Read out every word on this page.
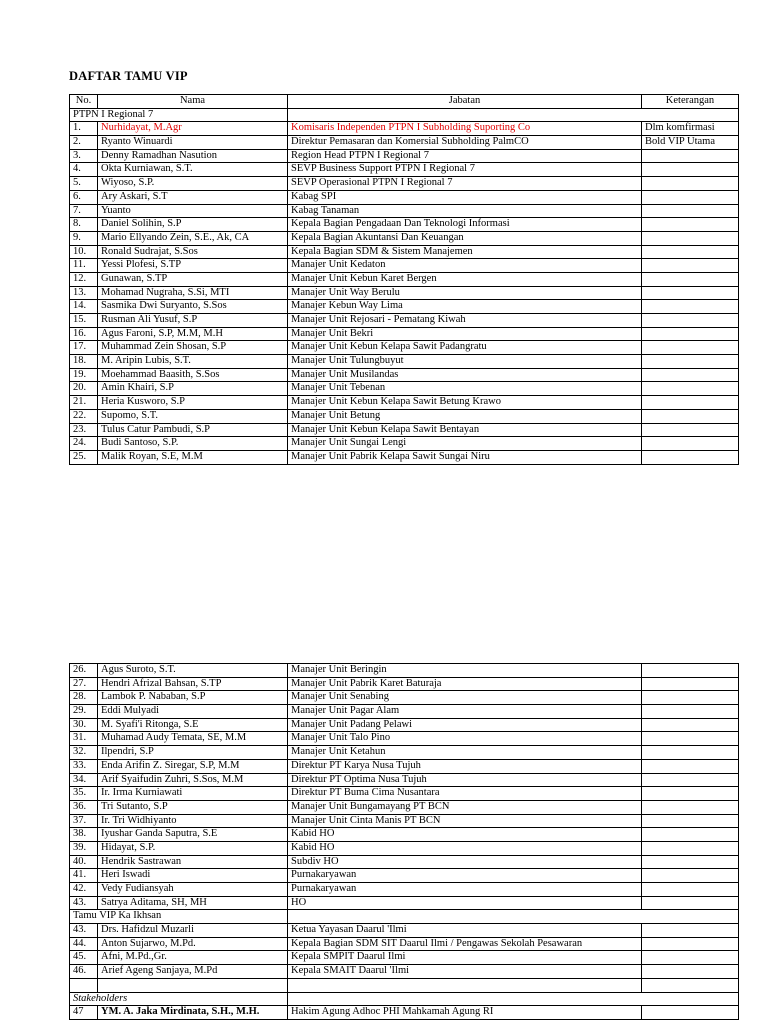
DAFTAR TAMU VIP
No.	Nama	Jabatan	Keterangan
PTPN I Regional 7			
1.	Nurhidayat, M.Agr	Komisaris Independen PTPN I Subholding Suporting Co	Dlm komfirmasi
2.	Ryanto Winuardi	Direktur Pemasaran dan Komersial Subholding PalmCO	Bold VIP Utama
3.	Denny Ramadhan Nasution	Region Head PTPN I Regional 7	
4.	Okta Kurniawan, S.T.	SEVP Business Support PTPN I Regional 7	
5.	Wiyoso, S.P.	SEVP Operasional PTPN I Regional 7	
6.	Ary Askari, S.T	Kabag SPI	
7.	Yuanto	Kabag Tanaman	
8.	Daniel Solihin, S.P	Kepala Bagian Pengadaan Dan Teknologi Informasi	
9.	Mario Ellyando Zein, S.E., Ak, CA	Kepala Bagian Akuntansi Dan Keuangan	
10.	Ronald Sudrajat, S.Sos	Kepala Bagian SDM & Sistem Manajemen	
11.	Yessi Plofesi, S.TP	Manajer Unit Kedaton	
12.	Gunawan, S.TP	Manajer Unit Kebun Karet Bergen	
13.	Mohamad Nugraha, S.Si, MTI	Manajer Unit Way Berulu	
14.	Sasmika Dwi Suryanto, S.Sos	Manajer Kebun Way Lima	
15.	Rusman Ali Yusuf, S.P	Manajer Unit Rejosari - Pematang Kiwah	
16.	Agus Faroni, S.P, M.M, M.H	Manajer Unit Bekri	
17.	Muhammad Zein Shosan, S.P	Manajer Unit Kebun Kelapa Sawit Padangratu	
18.	M. Aripin Lubis, S.T.	Manajer Unit Tulungbuyut	
19.	Moehammad Baasith, S.Sos	Manajer Unit Musilandas	
20.	Amin Khairi, S.P	Manajer Unit Tebenan	
21.	Heria Kusworo, S.P	Manajer Unit Kebun Kelapa Sawit Betung Krawo	
22.	Supomo, S.T.	Manajer Unit Betung	
23.	Tulus Catur Pambudi, S.P	Manajer Unit Kebun Kelapa Sawit Bentayan	
24.	Budi Santoso, S.P.	Manajer Unit Sungai Lengi	
25.	Malik Royan, S.E, M.M	Manajer Unit Pabrik Kelapa Sawit Sungai Niru	
26.	Agus Suroto, S.T.	Manajer Unit Beringin	
27.	Hendri Afrizal Bahsan, S.TP	Manajer Unit Pabrik Karet Baturaja	
28.	Lambok P. Nababan, S.P	Manajer Unit Senabing	
29.	Eddi Mulyadi	Manajer Unit Pagar Alam	
30.	M. Syafi'i Ritonga, S.E	Manajer Unit Padang Pelawi	
31.	Muhamad Audy Temata, SE, M.M	Manajer Unit Talo Pino	
32.	Ilpendri, S.P	Manajer Unit Ketahun	
33.	Enda Arifin Z. Siregar, S.P, M.M	Direktur PT Karya Nusa Tujuh	
34.	Arif Syaifudin Zuhri, S.Sos, M.M	Direktur PT Optima Nusa Tujuh	
35.	Ir. Irma Kurniawati	Direktur PT Buma Cima Nusantara	
36.	Tri Sutanto, S.P	Manajer Unit Bungamayang PT BCN	
37.	Ir. Tri Widhiyanto	Manajer Unit Cinta Manis PT BCN	
38.	Iyushar Ganda Saputra, S.E	Kabid HO	
39.	Hidayat, S.P.	Kabid HO	
40.	Hendrik Sastrawan	Subdiv HO	
41.	Heri Iswadi	Purnakaryawan	
42.	Vedy Fudiansyah	Purnakaryawan	
43.	Satrya Aditama, SH, MH	HO	
Tamu VIP Ka Ikhsan			
43.	Drs. Hafidzul Muzarli	Ketua Yayasan Daarul 'Ilmi	
44.	Anton Sujarwo, M.Pd.	Kepala Bagian SDM SIT Daarul Ilmi / Pengawas Sekolah Pesawaran	
45.	Afni, M.Pd.,Gr.	Kepala SMPIT Daarul Ilmi	
46.	Arief Ageng Sanjaya, M.Pd	Kepala SMAIT Daarul 'Ilmi	

Stakeholders			
47	YM. A. Jaka Mirdinata, S.H., M.H.	Hakim Agung Adhoc PHI Mahkamah Agung RI	
